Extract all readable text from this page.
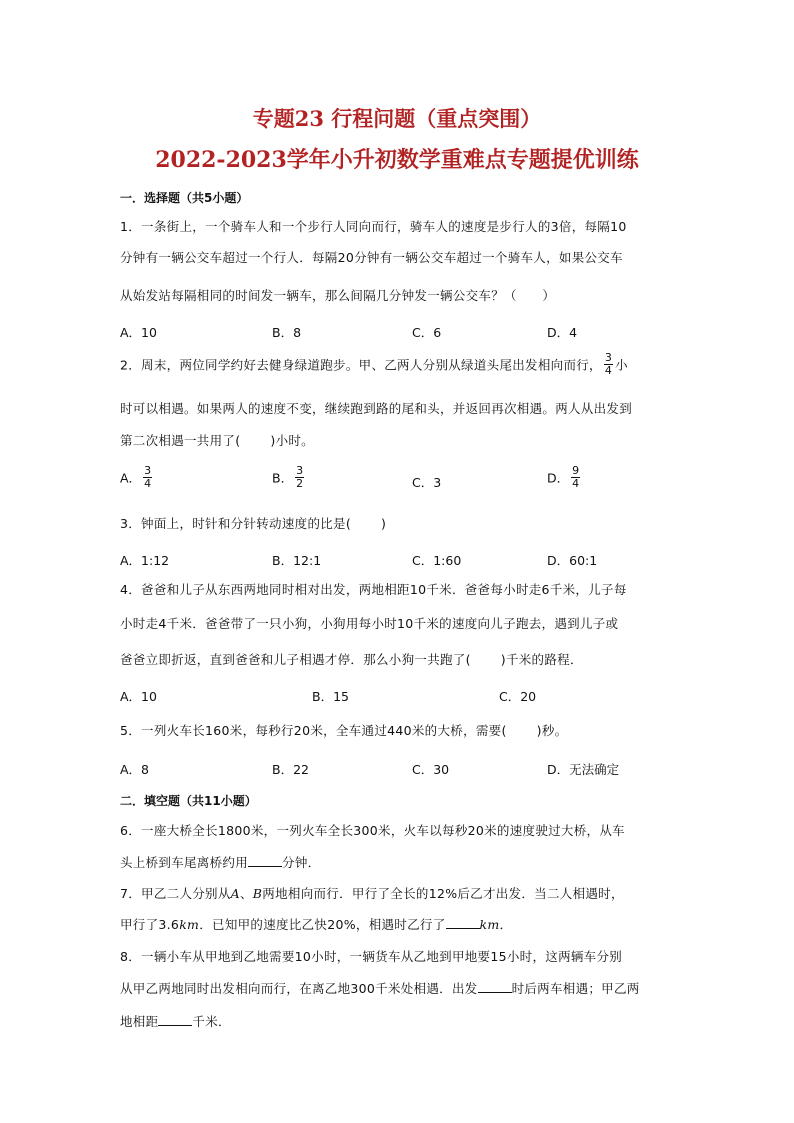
专题23 行程问题（重点突围）
2022-2023学年小升初数学重难点专题提优训练
一．选择题（共5小题）
1．一条街上，一个骑车人和一个步行人同向而行，骑车人的速度是步行人的3倍，每隔10
分钟有一辆公交车超过一个行人．每隔20分钟有一辆公交车超过一个骑车人，如果公交车
从始发站每隔相同的时间发一辆车，那么间隔几分钟发一辆公交车？（　　）
A．10	B．8	C．6	D．4
2．周末，两位同学约好去健身绿道跑步。甲、乙两人分别从绿道头尾出发相向而行， $\frac{3}{4}$ 小
时可以相遇。如果两人的速度不变，继续跑到路的尾和头，并返回再次相遇。两人从出发到
第二次相遇一共用了( )小时。
A． $\frac{3}{4}$	B． $\frac{3}{2}$	C．3	D． $\frac{9}{4}$
3．钟面上，时针和分针转动速度的比是( )
A．1:12	B．12:1	C．1:60	D．60:1
4．爸爸和儿子从东西两地同时相对出发，两地相距10千米．爸爸每小时走6千米，儿子每
小时走4千米．爸爸带了一只小狗，小狗用每小时10千米的速度向儿子跑去，遇到儿子或
爸爸立即折返，直到爸爸和儿子相遇才停．那么小狗一共跑了( )千米的路程．
A．10	B．15	C．20
5．一列火车长160米，每秒行20米，全车通过440米的大桥，需要( )秒。
A．8	B．22	C．30	D．无法确定
二．填空题（共11小题）
6．一座大桥全长1800米，一列火车全长300米，火车以每秒20米的速度驶过大桥，从车
头上桥到车尾离桥约用	分钟．
7．甲乙二人分别从A、B两地相向而行．甲行了全长的12%后乙才出发．当二人相遇时，
甲行了3.6km．已知甲的速度比乙快20%，相遇时乙行了	km．
8．一辆小车从甲地到乙地需要10小时，一辆货车从乙地到甲地要15小时，这两辆车分别
从甲乙两地同时出发相向而行，在离乙地300千米处相遇．出发	时后两车相遇；甲乙两
地相距	千米．
